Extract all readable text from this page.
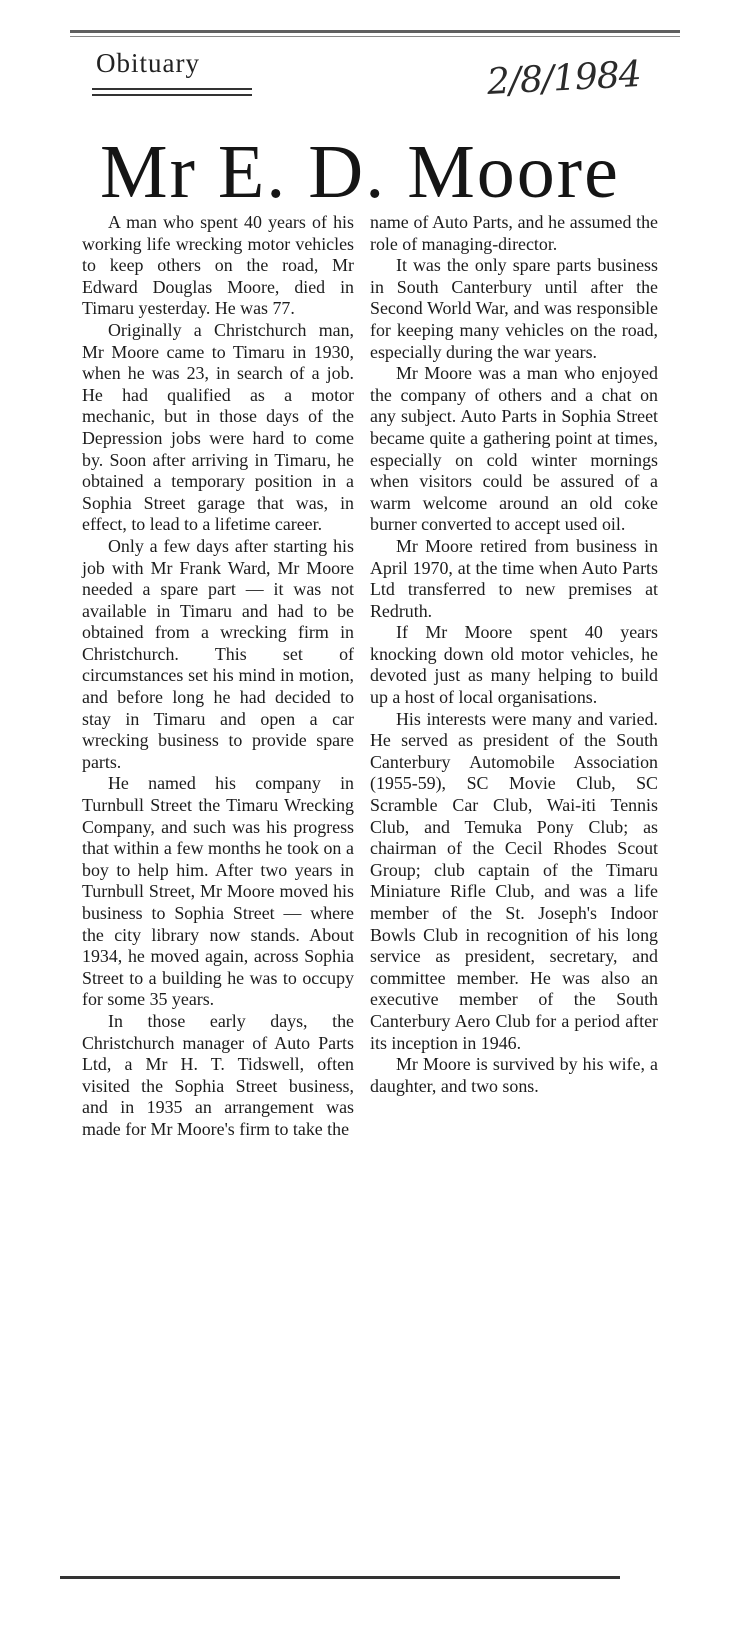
Obituary	2/8/1984
Mr E. D. Moore

A man who spent 40 years of his working life wrecking motor vehicles to keep others on the road, Mr Edward Douglas Moore, died in Timaru yesterday. He was 77.

Originally a Christchurch man, Mr Moore came to Timaru in 1930, when he was 23, in search of a job. He had qualified as a motor mechanic, but in those days of the Depression jobs were hard to come by. Soon after arriving in Timaru, he obtained a temporary position in a Sophia Street garage that was, in effect, to lead to a lifetime career.

Only a few days after starting his job with Mr Frank Ward, Mr Moore needed a spare part — it was not available in Timaru and had to be obtained from a wrecking firm in Christchurch. This set of circumstances set his mind in motion, and before long he had decided to stay in Timaru and open a car wrecking business to provide spare parts.

He named his company in Turnbull Street the Timaru Wrecking Company, and such was his progress that within a few months he took on a boy to help him. After two years in Turnbull Street, Mr Moore moved his business to Sophia Street — where the city library now stands. About 1934, he moved again, across Sophia Street to a building he was to occupy for some 35 years.

In those early days, the Christchurch manager of Auto Parts Ltd, a Mr H. T. Tidswell, often visited the Sophia Street business, and in 1935 an arrangement was made for Mr Moore's firm to take the

name of Auto Parts, and he assumed the role of managing-director.

It was the only spare parts business in South Canterbury until after the Second World War, and was responsible for keeping many vehicles on the road, especially during the war years.

Mr Moore was a man who enjoyed the company of others and a chat on any subject. Auto Parts in Sophia Street became quite a gathering point at times, especially on cold winter mornings when visitors could be assured of a warm welcome around an old coke burner converted to accept used oil.

Mr Moore retired from business in April 1970, at the time when Auto Parts Ltd transferred to new premises at Redruth.

If Mr Moore spent 40 years knocking down old motor vehicles, he devoted just as many helping to build up a host of local organisations.

His interests were many and varied. He served as president of the South Canterbury Automobile Association (1955-59), SC Movie Club, SC Scramble Car Club, Wai-iti Tennis Club, and Temuka Pony Club; as chairman of the Cecil Rhodes Scout Group; club captain of the Timaru Miniature Rifle Club, and was a life member of the St. Joseph's Indoor Bowls Club in recognition of his long service as president, secretary, and committee member. He was also an executive member of the South Canterbury Aero Club for a period after its inception in 1946.

Mr Moore is survived by his wife, a daughter, and two sons.
